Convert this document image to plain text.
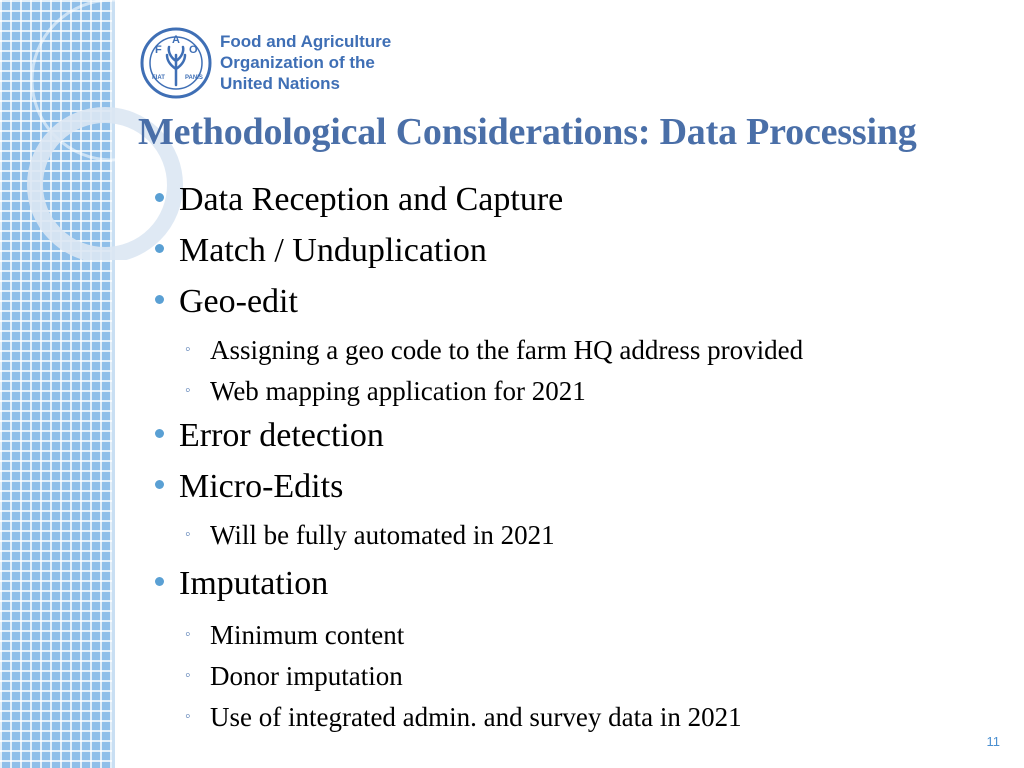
F
A
O
FIAT	PANIS
Food and Agriculture
Organization of the
United Nations
Methodological Considerations: Data Processing
Data Reception and Capture
Match / Unduplication
Geo-edit
◦ Assigning a geo code to the farm HQ address provided
◦ Web mapping application for 2021
Error detection
Micro-Edits
◦ Will be fully automated in 2021
Imputation
◦ Minimum content
◦ Donor imputation
◦ Use of integrated admin. and survey data in 2021
11
